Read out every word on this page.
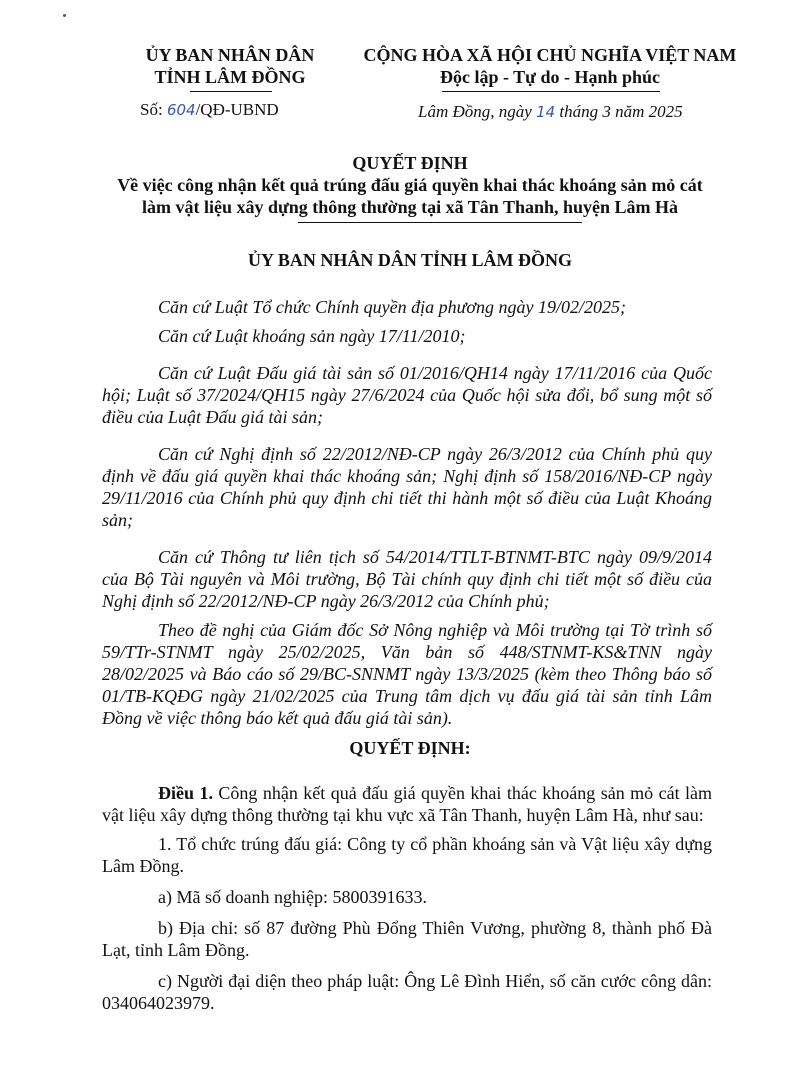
ỦY BAN NHÂN DÂN
TỈNH LÂM ĐỒNG
Số: 604/QĐ-UBND
CỘNG HÒA XÃ HỘI CHỦ NGHĨA VIỆT NAM
Độc lập - Tự do - Hạnh phúc
Lâm Đồng, ngày 14 tháng 3 năm 2025
QUYẾT ĐỊNH
Về việc công nhận kết quả trúng đấu giá quyền khai thác khoáng sản mỏ cát
làm vật liệu xây dựng thông thường tại xã Tân Thanh, huyện Lâm Hà
ỦY BAN NHÂN DÂN TỈNH LÂM ĐỒNG

Căn cứ Luật Tổ chức Chính quyền địa phương ngày 19/02/2025;

Căn cứ Luật khoáng sản ngày 17/11/2010;

Căn cứ Luật Đấu giá tài sản số 01/2016/QH14 ngày 17/11/2016 của Quốc hội; Luật số 37/2024/QH15 ngày 27/6/2024 của Quốc hội sửa đổi, bổ sung một số điều của Luật Đấu giá tài sản;

Căn cứ Nghị định số 22/2012/NĐ-CP ngày 26/3/2012 của Chính phủ quy định về đấu giá quyền khai thác khoáng sản; Nghị định số 158/2016/NĐ-CP ngày 29/11/2016 của Chính phủ quy định chi tiết thi hành một số điều của Luật Khoáng sản;

Căn cứ Thông tư liên tịch số 54/2014/TTLT-BTNMT-BTC ngày 09/9/2014 của Bộ Tài nguyên và Môi trường, Bộ Tài chính quy định chi tiết một số điều của Nghị định số 22/2012/NĐ-CP ngày 26/3/2012 của Chính phủ;

Theo đề nghị của Giám đốc Sở Nông nghiệp và Môi trường tại Tờ trình số 59/TTr-STNMT ngày 25/02/2025, Văn bản số 448/STNMT-KS&TNN ngày 28/02/2025 và Báo cáo số 29/BC-SNNMT ngày 13/3/2025 (kèm theo Thông báo số 01/TB-KQĐG ngày 21/02/2025 của Trung tâm dịch vụ đấu giá tài sản tỉnh Lâm Đồng về việc thông báo kết quả đấu giá tài sản).

QUYẾT ĐỊNH:

Điều 1. Công nhận kết quả đấu giá quyền khai thác khoáng sản mỏ cát làm vật liệu xây dựng thông thường tại khu vực xã Tân Thanh, huyện Lâm Hà, như sau:

1. Tổ chức trúng đấu giá: Công ty cổ phần khoáng sản và Vật liệu xây dựng Lâm Đồng.

a) Mã số doanh nghiệp: 5800391633.

b) Địa chỉ: số 87 đường Phù Đổng Thiên Vương, phường 8, thành phố Đà Lạt, tỉnh Lâm Đồng.

c) Người đại diện theo pháp luật: Ông Lê Đình Hiển, số căn cước công dân: 034064023979.
